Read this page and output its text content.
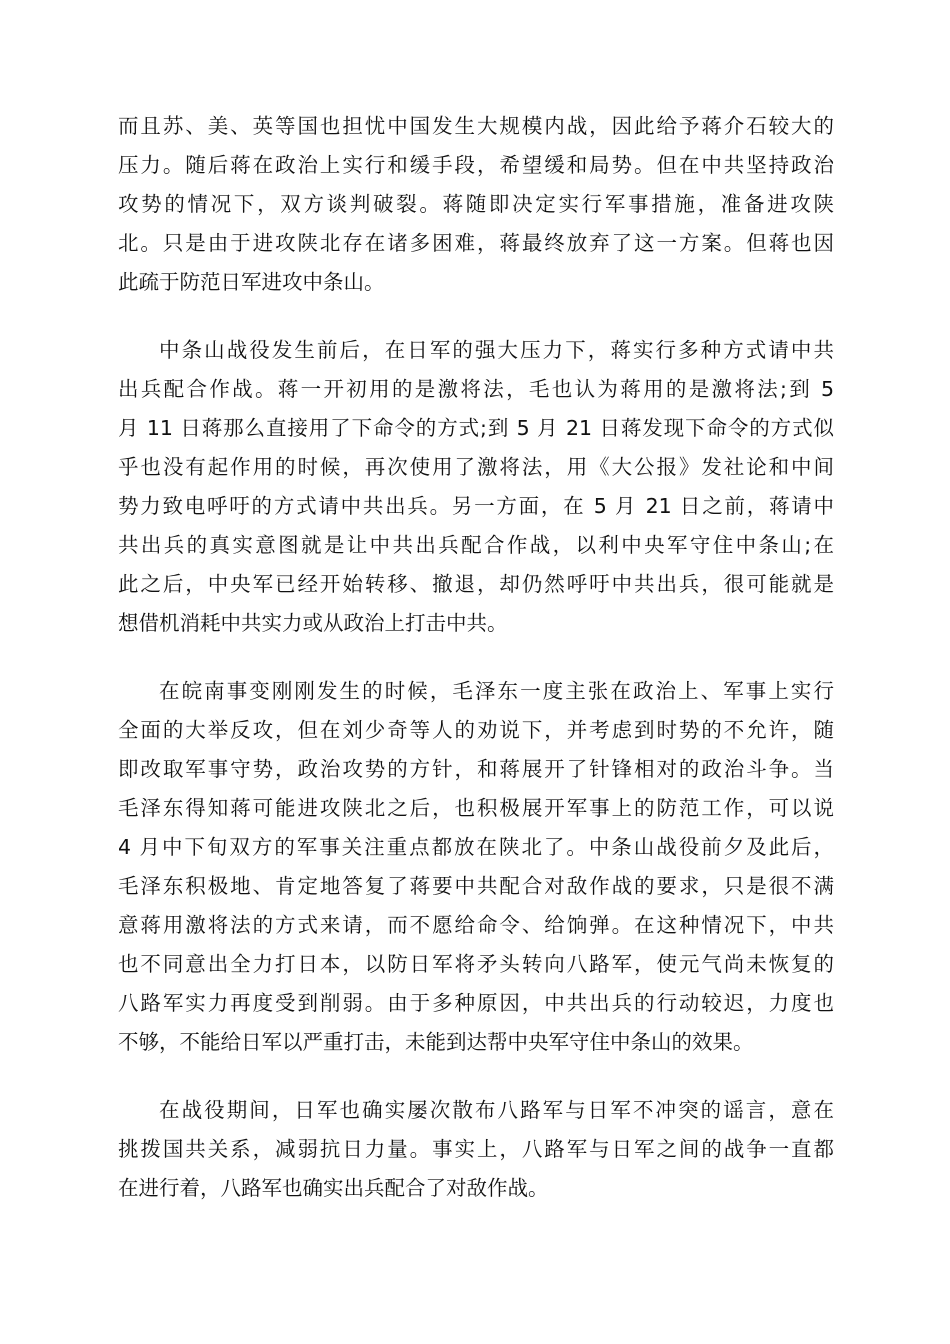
而且苏、美、英等国也担忧中国发生大规模内战，因此给予蒋介石较大的
压力。随后蒋在政治上实行和缓手段，希望缓和局势。但在中共坚持政治
攻势的情况下，双方谈判破裂。蒋随即决定实行军事措施，准备进攻陕
北。只是由于进攻陕北存在诸多困难，蒋最终放弃了这一方案。但蒋也因
此疏于防范日军进攻中条山。

中条山战役发生前后，在日军的强大压力下，蒋实行多种方式请中共
出兵配合作战。蒋一开初用的是激将法，毛也认为蒋用的是激将法;到 5
月 11 日蒋那么直接用了下命令的方式;到 5 月 21 日蒋发现下命令的方式似
乎也没有起作用的时候，再次使用了激将法，用《大公报》发社论和中间
势力致电呼吁的方式请中共出兵。另一方面，在 5 月 21 日之前，蒋请中
共出兵的真实意图就是让中共出兵配合作战，以利中央军守住中条山;在
此之后，中央军已经开始转移、撤退，却仍然呼吁中共出兵，很可能就是
想借机消耗中共实力或从政治上打击中共。

在皖南事变刚刚发生的时候，毛泽东一度主张在政治上、军事上实行
全面的大举反攻，但在刘少奇等人的劝说下，并考虑到时势的不允许，随
即改取军事守势，政治攻势的方针，和蒋展开了针锋相对的政治斗争。当
毛泽东得知蒋可能进攻陕北之后，也积极展开军事上的防范工作，可以说
4 月中下旬双方的军事关注重点都放在陕北了。中条山战役前夕及此后，
毛泽东积极地、肯定地答复了蒋要中共配合对敌作战的要求，只是很不满
意蒋用激将法的方式来请，而不愿给命令、给饷弹。在这种情况下，中共
也不同意出全力打日本，以防日军将矛头转向八路军，使元气尚未恢复的
八路军实力再度受到削弱。由于多种原因，中共出兵的行动较迟，力度也
不够，不能给日军以严重打击，未能到达帮中央军守住中条山的效果。

在战役期间，日军也确实屡次散布八路军与日军不冲突的谣言，意在
挑拨国共关系，减弱抗日力量。事实上，八路军与日军之间的战争一直都
在进行着，八路军也确实出兵配合了对敌作战。
